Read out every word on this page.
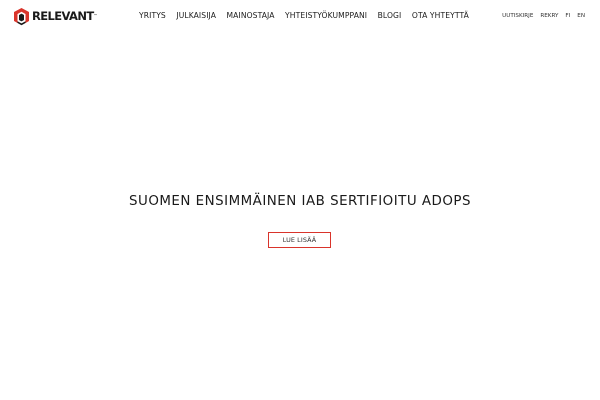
RELEVANT ™	YRITYS JULKAISIJA MAINOSTAJA YHTEISTYÖKUMPPANI BLOGI OTA YHTEYTTÄ	UUTISKIRJE REKRY FI EN
SUOMEN ENSIMMÄINEN IAB SERTIFIOITU ADOPS
LUE LISÄÄ
